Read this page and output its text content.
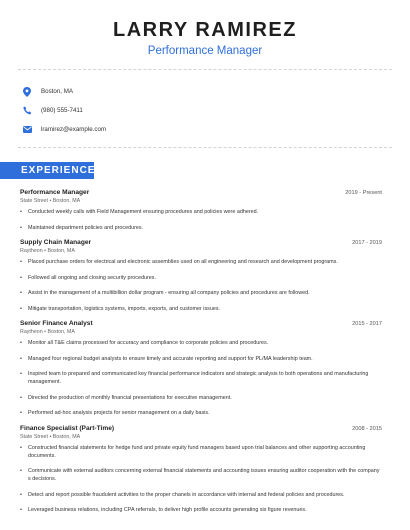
LARRY RAMIREZ
Performance Manager
Boston, MA
(980) 555-7411
lramirez@example.com
EXPERIENCE
Performance Manager	2019 - Present
State Street • Boston, MA
• Conducted weekly calls with Field Management ensuring procedures and policies were adhered.
• Maintained department policies and procedures.
Supply Chain Manager	2017 - 2019
Raytheon • Boston, MA
• Placed purchase orders for electrical and electronic assemblies used on all engineering and research and development programs.
• Followed all ongoing and closing security procedures.
• Assist in the management of a multibillion dollar program - ensuring all company policies and procedures are followed.
• Mitigate transportation, logistics systems, imports, exports, and customer issues.
Senior Finance Analyst	2015 - 2017
Raytheon • Boston, MA
• Monitor all T&E claims processed for accuracy and compliance to corporate policies and procedures.
• Managed four regional budget analysts to ensure timely and accurate reporting and support for PL/MA leadership team.
• Inspired team to prepared and communicated key financial performance indicators and strategic analysis to both operations and manufacturing management.
• Directed the production of monthly financial presentations for executive management.
• Performed ad-hoc analysis projects for senior management on a daily basis.
Finance Specialist (Part-Time)	2008 - 2015
State Street • Boston, MA
• Constructed financial statements for hedge fund and private equity fund managers based upon trial balances and other supporting accounting documents.
• Communicate with external auditors concerning external financial statements and accounting issues ensuring auditor cooperation with the company s decisions.
• Detect and report possible fraudulent activities to the proper chanels in accordance with internal and federal policies and procedures.
• Leveraged business relations, including CPA referrals, to deliver high profile accounts generating six figure revenues.
